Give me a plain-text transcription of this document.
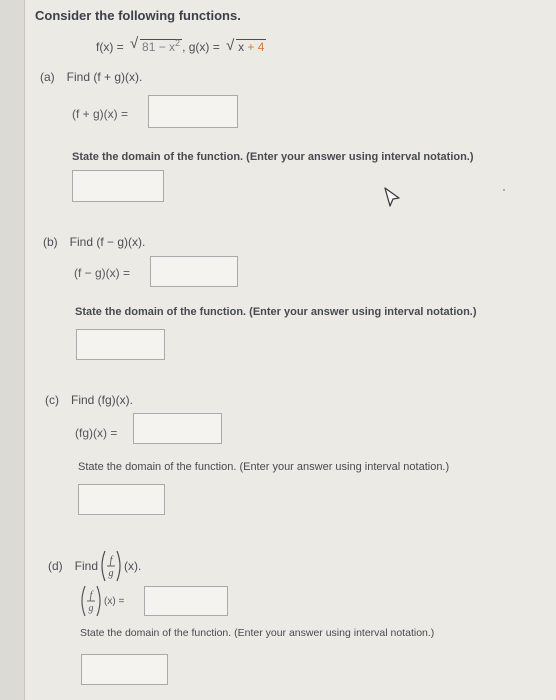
Consider the following functions.
f(x) = √ $81 - x^2$ , g(x) = √ x + 4
(a) Find (f + g)(x).
(f + g)(x) =
State the domain of the function. (Enter your answer using interval notation.)
(b) Find (f − g)(x).
(f − g)(x) =
State the domain of the function. (Enter your answer using interval notation.)
(c) Find (fg)(x).
(fg)(x) =
State the domain of the function. (Enter your answer using interval notation.)
(d) Find f
g
(x).
f
g
(x) =
State the domain of the function. (Enter your answer using interval notation.)
